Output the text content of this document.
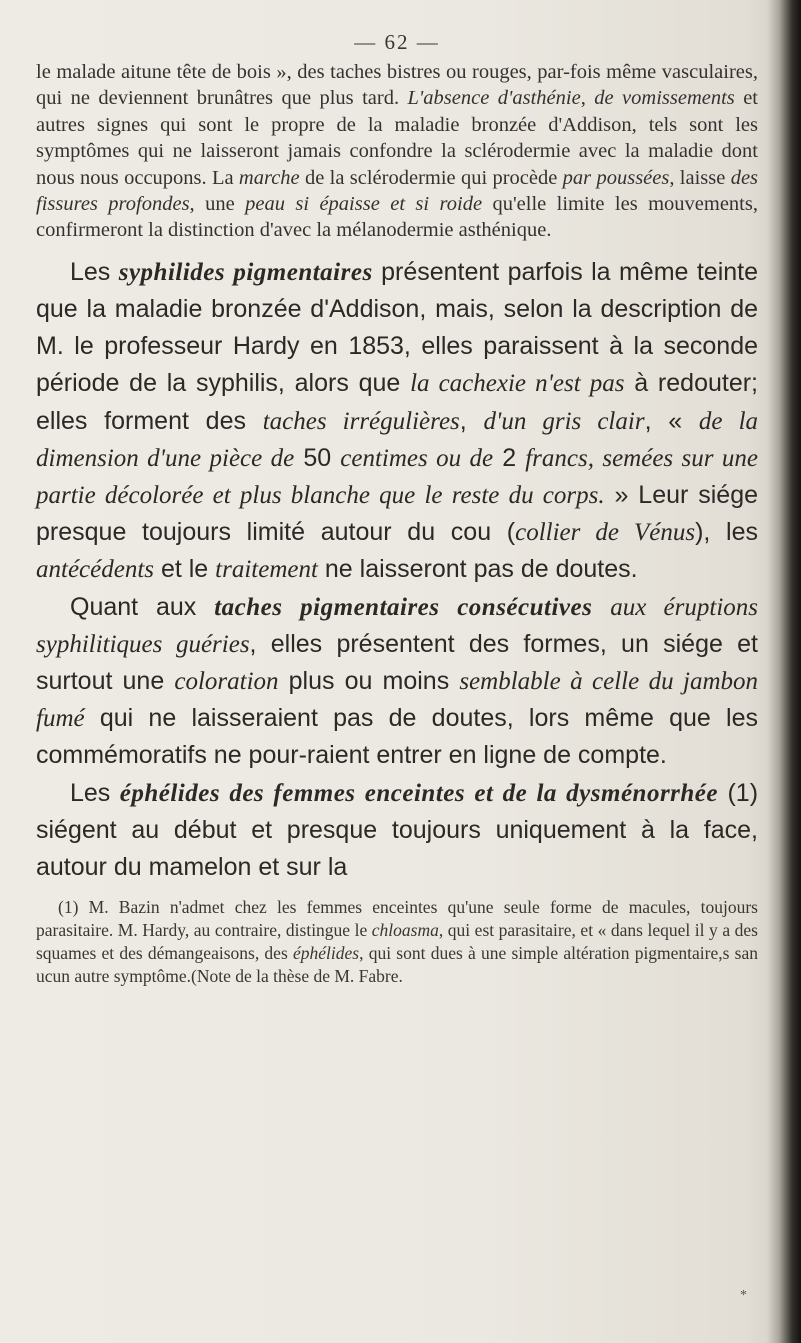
— 62 —

le malade aitune tête de bois », des taches bistres ou rouges, par-fois même vasculaires, qui ne deviennent brunâtres que plus tard. L'absence d'asthénie, de vomissements et autres signes qui sont le propre de la maladie bronzée d'Addison, tels sont les symptômes qui ne laisseront jamais confondre la sclérodermie avec la maladie dont nous nous occupons. La marche de la sclérodermie qui procède par poussées, laisse des fissures profondes, une peau si épaisse et si roide qu'elle limite les mouvements, confirmeront la distinction d'avec la mélanodermie asthénique.

Les syphilides pigmentaires présentent parfois la même teinte que la maladie bronzée d'Addison, mais, selon la description de M. le professeur Hardy en 1853, elles paraissent à la seconde période de la syphilis, alors que la cachexie n'est pas à redouter; elles forment des taches irrégulières, d'un gris clair, « de la dimension d'une pièce de 50 centimes ou de 2 francs, semées sur une partie décolorée et plus blanche que le reste du corps. » Leur siége presque toujours limité autour du cou (collier de Vénus), les antécédents et le traitement ne laisseront pas de doutes.

Quant aux taches pigmentaires consécutives aux éruptions syphilitiques guéries, elles présentent des formes, un siége et surtout une coloration plus ou moins semblable à celle du jambon fumé qui ne laisseraient pas de doutes, lors même que les commémoratifs ne pour-raient entrer en ligne de compte.

Les éphélides des femmes enceintes et de la dysménorrhée (1) siégent au début et presque toujours uniquement à la face, autour du mamelon et sur la

(1) M. Bazin n'admet chez les femmes enceintes qu'une seule forme de macules, toujours parasitaire. M. Hardy, au contraire, distingue le chloasma, qui est parasitaire, et « dans lequel il y a des squames et des démangeaisons, des éphélides, qui sont dues à une simple altération pigmentaire,s san ucun autre symptôme.(Note de la thèse de M. Fabre.

*
